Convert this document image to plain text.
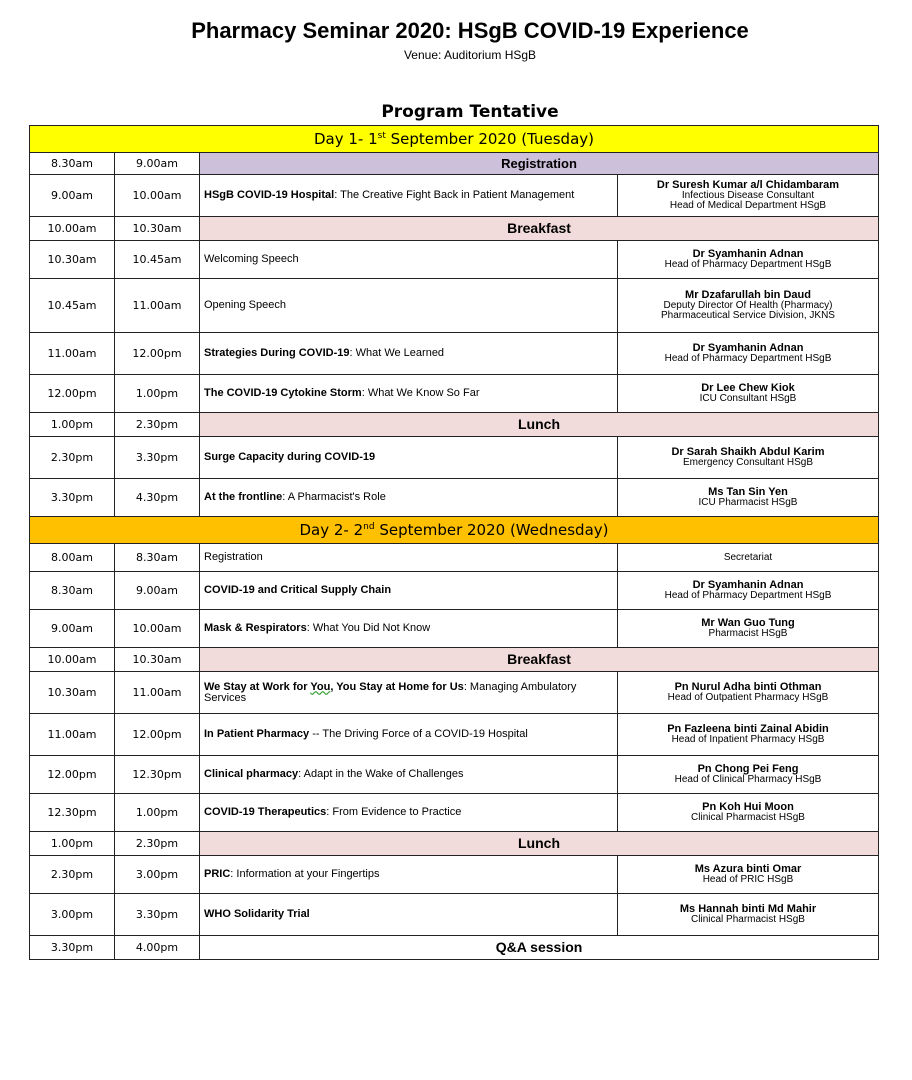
Pharmacy Seminar 2020: HSgB COVID-19 Experience
Venue: Auditorium HSgB
Program Tentative
Day 1- 1st September 2020 (Tuesday)			
8.30am	9.00am	Registration	
9.00am	10.00am	HSgB COVID-19 Hospital: The Creative Fight Back in Patient Management	Dr Suresh Kumar a/l Chidambaram
Infectious Disease Consultant
Head of Medical Department HSgB

10.00am	10.30am	Breakfast	
10.30am	10.45am	Welcoming Speech	Dr Syamhanin Adnan
Head of Pharmacy Department HSgB

10.45am	11.00am	Opening Speech	Mr Dzafarullah bin Daud
Deputy Director Of Health (Pharmacy)
Pharmaceutical Service Division, JKNS

11.00am	12.00pm	Strategies During COVID-19: What We Learned	Dr Syamhanin Adnan
Head of Pharmacy Department HSgB

12.00pm	1.00pm	The COVID-19 Cytokine Storm: What We Know So Far	Dr Lee Chew Kiok
ICU Consultant HSgB

1.00pm	2.30pm	Lunch	
2.30pm	3.30pm	Surge Capacity during COVID-19	Dr Sarah Shaikh Abdul Karim
Emergency Consultant HSgB

3.30pm	4.30pm	At the frontline: A Pharmacist's Role	Ms Tan Sin Yen
ICU Pharmacist HSgB

Day 2- 2nd September 2020 (Wednesday)			
8.00am	8.30am	Registration	Secretariat

8.30am	9.00am	COVID-19 and Critical Supply Chain	Dr Syamhanin Adnan
Head of Pharmacy Department HSgB

9.00am	10.00am	Mask & Respirators: What You Did Not Know	Mr Wan Guo Tung
Pharmacist HSgB

10.00am	10.30am	Breakfast	
10.30am	11.00am	We Stay at Work for You, You Stay at Home for Us: Managing Ambulatory Services	Pn Nurul Adha binti Othman
Head of Outpatient Pharmacy HSgB

11.00am	12.00pm	In Patient Pharmacy -- The Driving Force of a COVID-19 Hospital	Pn Fazleena binti Zainal Abidin
Head of Inpatient Pharmacy HSgB

12.00pm	12.30pm	Clinical pharmacy: Adapt in the Wake of Challenges	Pn Chong Pei Feng
Head of Clinical Pharmacy HSgB

12.30pm	1.00pm	COVID-19 Therapeutics: From Evidence to Practice	Pn Koh Hui Moon
Clinical Pharmacist HSgB

1.00pm	2.30pm	Lunch	
2.30pm	3.00pm	PRIC: Information at your Fingertips	Ms Azura binti Omar
Head of PRIC HSgB

3.00pm	3.30pm	WHO Solidarity Trial	Ms Hannah binti Md Mahir
Clinical Pharmacist HSgB

3.30pm	4.00pm	Q&A session	
